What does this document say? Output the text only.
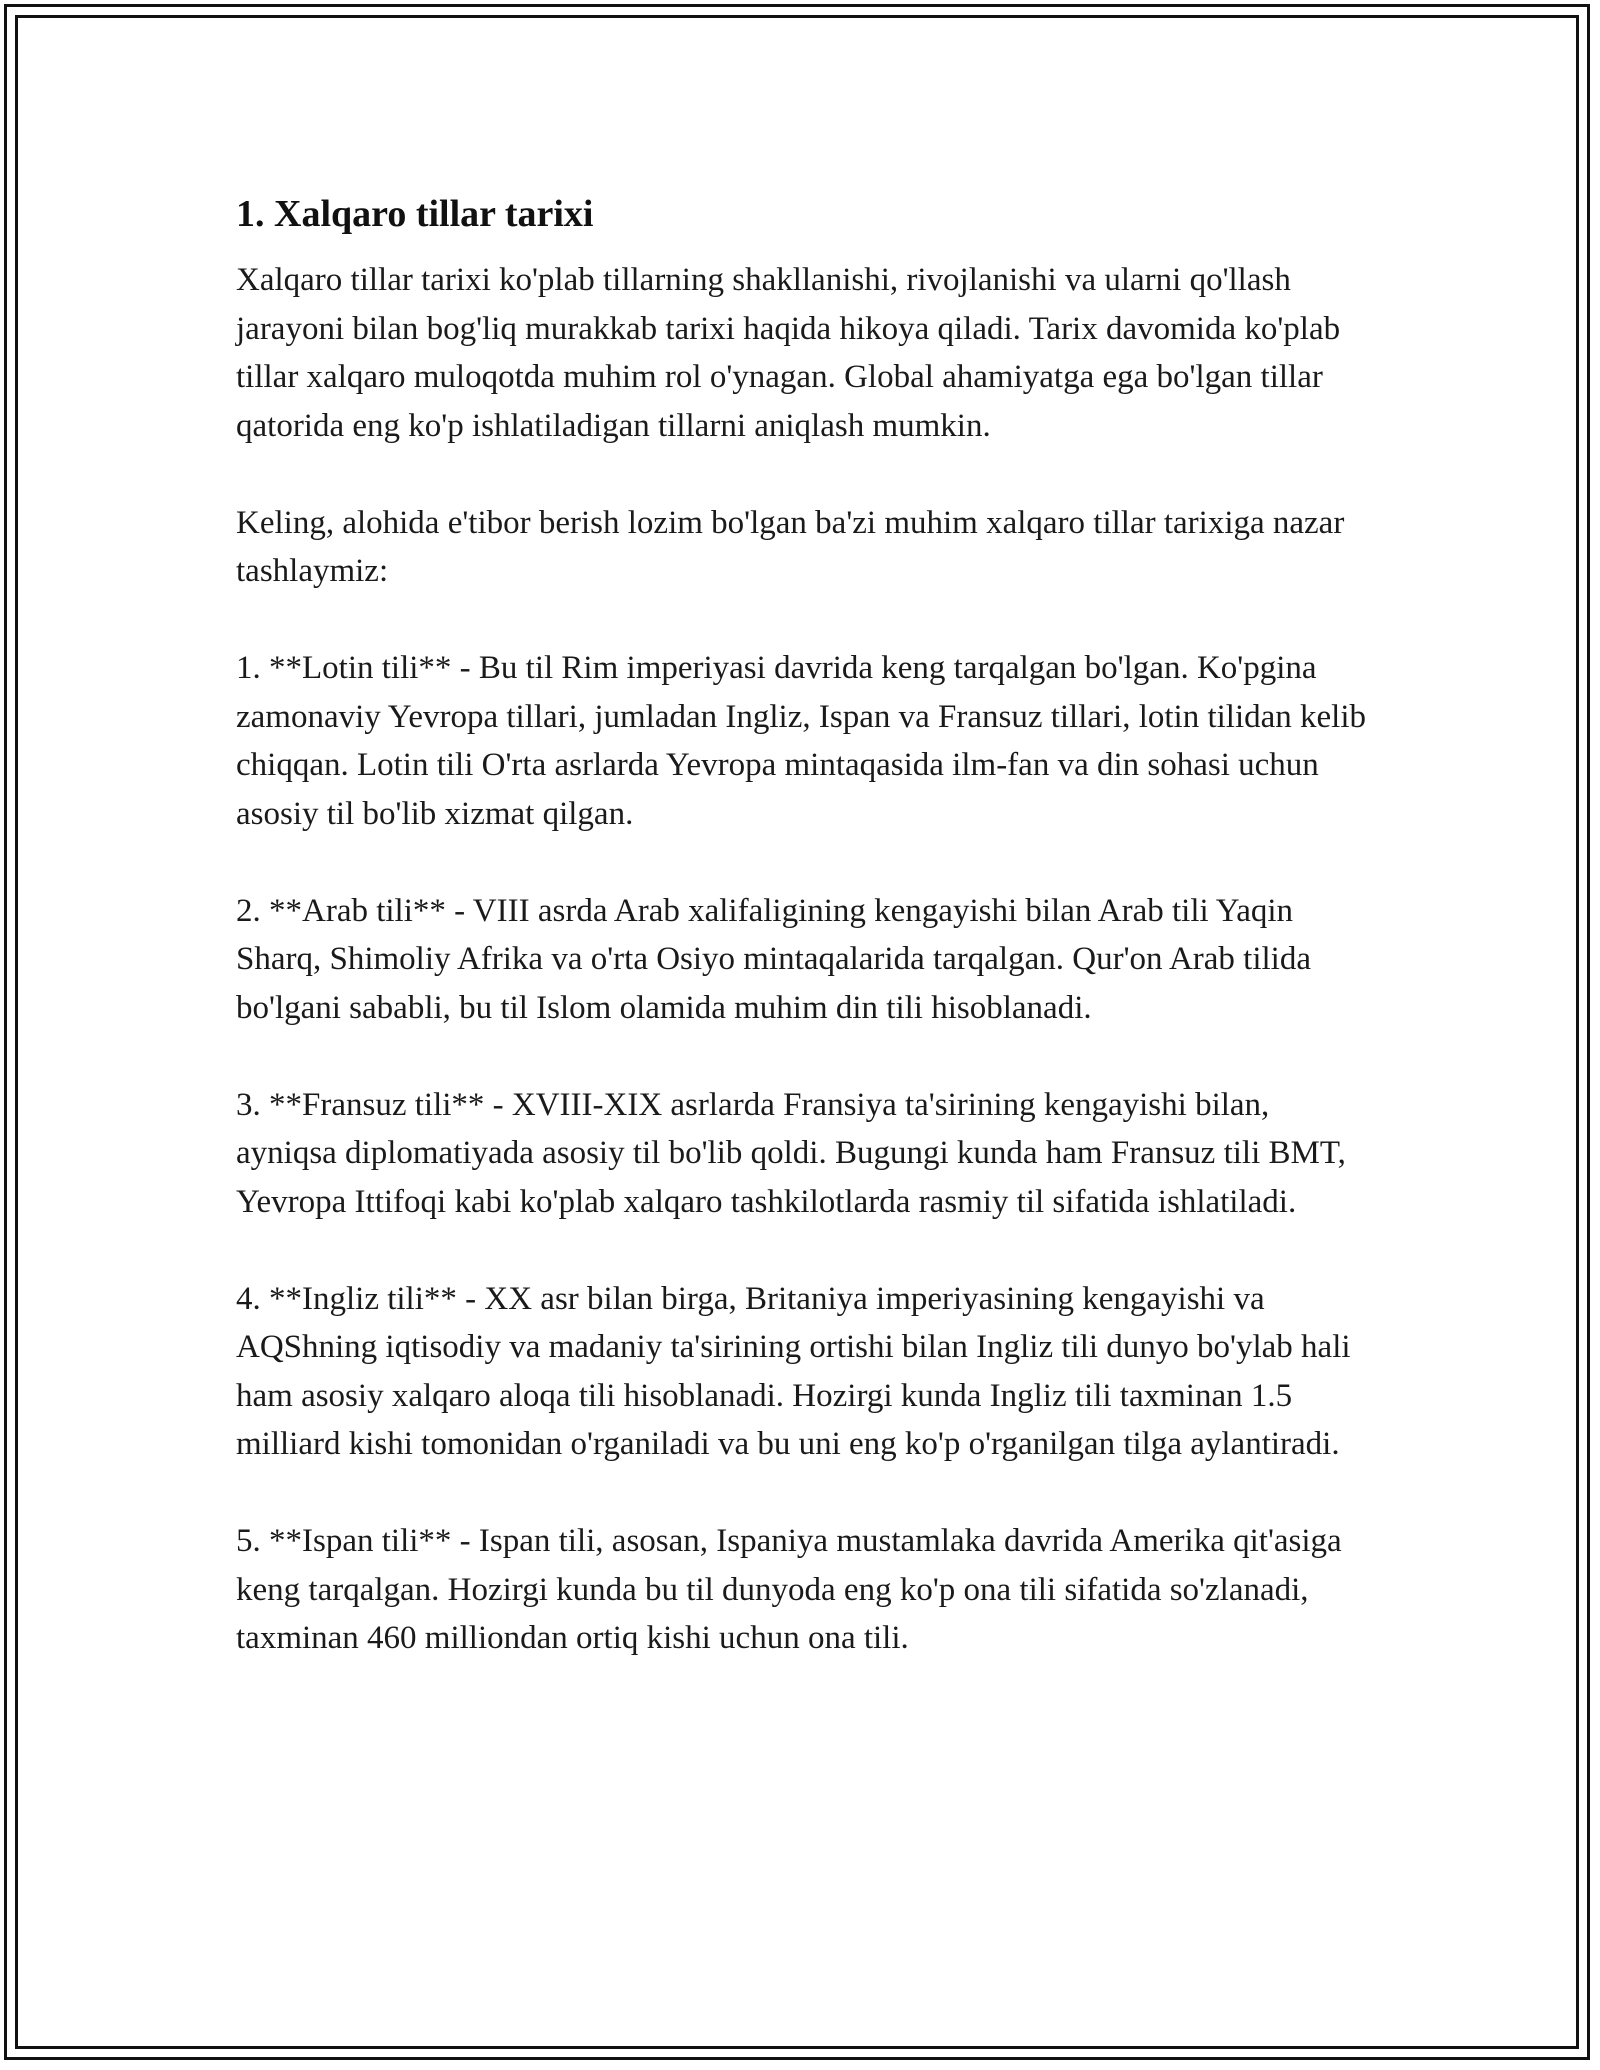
1. Xalqaro tillar tarixi

Xalqaro tillar tarixi ko'plab tillarning shakllanishi, rivojlanishi va ularni qo'llash jarayoni bilan bog'liq murakkab tarixi haqida hikoya qiladi. Tarix davomida ko'plab tillar xalqaro muloqotda muhim rol o'ynagan. Global ahamiyatga ega bo'lgan tillar qatorida eng ko'p ishlatiladigan tillarni aniqlash mumkin.

Keling, alohida e'tibor berish lozim bo'lgan ba'zi muhim xalqaro tillar tarixiga nazar tashlaymiz:

1. **Lotin tili** - Bu til Rim imperiyasi davrida keng tarqalgan bo'lgan. Ko'pgina zamonaviy Yevropa tillari, jumladan Ingliz, Ispan va Fransuz tillari, lotin tilidan kelib chiqqan. Lotin tili O'rta asrlarda Yevropa mintaqasida ilm-fan va din sohasi uchun asosiy til bo'lib xizmat qilgan.

2. **Arab tili** - VIII asrda Arab xalifaligining kengayishi bilan Arab tili Yaqin Sharq, Shimoliy Afrika va o'rta Osiyo mintaqalarida tarqalgan. Qur'on Arab tilida bo'lgani sababli, bu til Islom olamida muhim din tili hisoblanadi.

3. **Fransuz tili** - XVIII-XIX asrlarda Fransiya ta'sirining kengayishi bilan, ayniqsa diplomatiyada asosiy til bo'lib qoldi. Bugungi kunda ham Fransuz tili BMT, Yevropa Ittifoqi kabi ko'plab xalqaro tashkilotlarda rasmiy til sifatida ishlatiladi.

4. **Ingliz tili** - XX asr bilan birga, Britaniya imperiyasining kengayishi va AQShning iqtisodiy va madaniy ta'sirining ortishi bilan Ingliz tili dunyo bo'ylab hali ham asosiy xalqaro aloqa tili hisoblanadi. Hozirgi kunda Ingliz tili taxminan 1.5 milliard kishi tomonidan o'rganiladi va bu uni eng ko'p o'rganilgan tilga aylantiradi.

5. **Ispan tili** - Ispan tili, asosan, Ispaniya mustamlaka davrida Amerika qit'asiga keng tarqalgan. Hozirgi kunda bu til dunyoda eng ko'p ona tili sifatida so'zlanadi, taxminan 460 milliondan ortiq kishi uchun ona tili.
